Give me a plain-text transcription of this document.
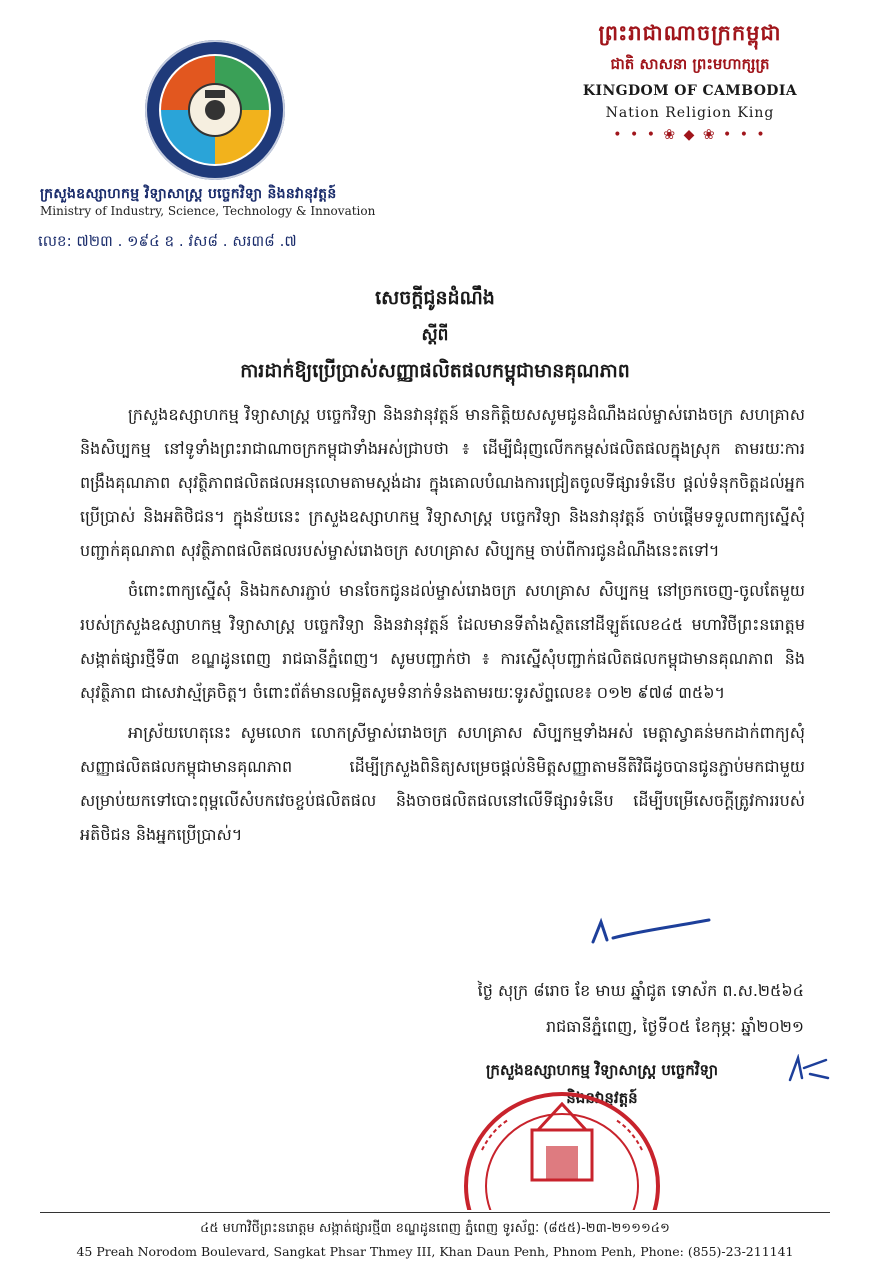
ក្រសួងឧស្សាហកម្ម វិទ្យាសាស្ត្រ បច្ចេកវិទ្យា និងនវានុវត្តន៍
Ministry of Industry, Science, Technology & Innovation
លេខ: ៧២៣ . ១៩៤ ឧ . វស៨ . សរ៣៨ .៧
ព្រះរាជាណាចក្រកម្ពុជា
ជាតិ សាសនា ព្រះមហាក្សត្រ
KINGDOM OF CAMBODIA
Nation Religion King
• • • ❀ ◆ ❀ • • •
សេចក្តីជូនដំណឹង
ស្តីពី
ការដាក់ឱ្យប្រើប្រាស់សញ្ញាផលិតផលកម្ពុជាមានគុណភាព

ក្រសួងឧស្សាហកម្ម វិទ្យាសាស្ត្រ បច្ចេកវិទ្យា និងនវានុវត្តន៍ មានកិត្តិយសសូមជូនដំណឹងដល់ម្ចាស់រោងចក្រ សហគ្រាស និងសិប្បកម្ម នៅទូទាំងព្រះរាជាណាចក្រកម្ពុជាទាំងអស់ជ្រាបថា ៖ ដើម្បីជំរុញលើកកម្ពស់ផលិតផលក្នុងស្រុក តាមរយៈការពង្រឹងគុណភាព សុវត្ថិភាពផលិតផលអនុលោមតាមស្តង់ដារ ក្នុងគោលបំណងការជ្រៀតចូលទីផ្សារទំនើប ផ្តល់ទំនុកចិត្តដល់អ្នកប្រើប្រាស់ និងអតិថិជន។ ក្នុងន័យនេះ ក្រសួងឧស្សាហកម្ម វិទ្យាសាស្ត្រ បច្ចេកវិទ្យា និងនវានុវត្តន៍ ចាប់ផ្តើមទទួលពាក្យស្នើសុំបញ្ជាក់គុណភាព សុវត្ថិភាពផលិតផលរបស់ម្ចាស់រោងចក្រ សហគ្រាស សិប្បកម្ម ចាប់ពីការជូនដំណឹងនេះតទៅ។

ចំពោះពាក្យស្នើសុំ និងឯកសារភ្ជាប់ មានចែកជូនដល់ម្ចាស់រោងចក្រ សហគ្រាស សិប្បកម្ម នៅច្រកចេញ-ចូលតែមួយរបស់ក្រសួងឧស្សាហកម្ម វិទ្យាសាស្ត្រ បច្ចេកវិទ្យា និងនវានុវត្តន៍ ដែលមានទីតាំងស្ថិតនៅដីឡូត៍លេខ៤៥ មហាវិថីព្រះនរោត្តម សង្កាត់ផ្សារថ្មីទី៣ ខណ្ឌដូនពេញ រាជធានីភ្នំពេញ។ សូមបញ្ជាក់ថា ៖ ការស្នើសុំបញ្ជាក់ផលិតផលកម្ពុជាមានគុណភាព និងសុវត្ថិភាព ជាសេវាស្ម័គ្រចិត្ត។ ចំពោះព័ត៌មានលម្អិតសូមទំនាក់ទំនងតាមរយៈទូរស័ព្ទលេខ៖ ០១២ ៩៧៨ ៣៥៦។

អាស្រ័យហេតុនេះ សូមលោក លោកស្រីម្ចាស់រោងចក្រ សហគ្រាស សិប្បកម្មទាំងអស់ មេត្តាស្វាគន់មកដាក់ពាក្យសុំ សញ្ញាផលិតផលកម្ពុជាមានគុណភាព ដើម្បីក្រសួងពិនិត្យសម្រេចផ្តល់និមិត្តសញ្ញាតាមនីតិវិធីដូចបានជូនភ្ជាប់មកជាមួយ សម្រាប់យកទៅបោះពុម្ពលើសំបកវេចខ្ចប់ផលិតផល និងចាចផលិតផលនៅលើទីផ្សារទំនើប ដើម្បីបម្រើសេចក្តីត្រូវការរបស់អតិថិជន និងអ្នកប្រើប្រាស់។

ថ្ងៃ សុក្រ ៨រោច ខែ មាឃ ឆ្នាំជូត ទោស័ក ព.ស.២៥៦៤
រាជធានីភ្នំពេញ, ថ្ងៃទី០៥ ខែកុម្ភៈ ឆ្នាំ២០២១
ក្រសួងឧស្សាហកម្ម វិទ្យាសាស្ត្រ បច្ចេកវិទ្យា
និងនវានុវត្តន៍
៤៥ មហាវិថីព្រះនរោត្តម សង្កាត់ផ្សារថ្មី៣ ខណ្ឌដូនពេញ ភ្នំពេញ ទូរស័ព្ទៈ (៨៥៥)-២៣-២១១១៤១
45 Preah Norodom Boulevard, Sangkat Phsar Thmey III, Khan Daun Penh, Phnom Penh, Phone: (855)-23-211141
